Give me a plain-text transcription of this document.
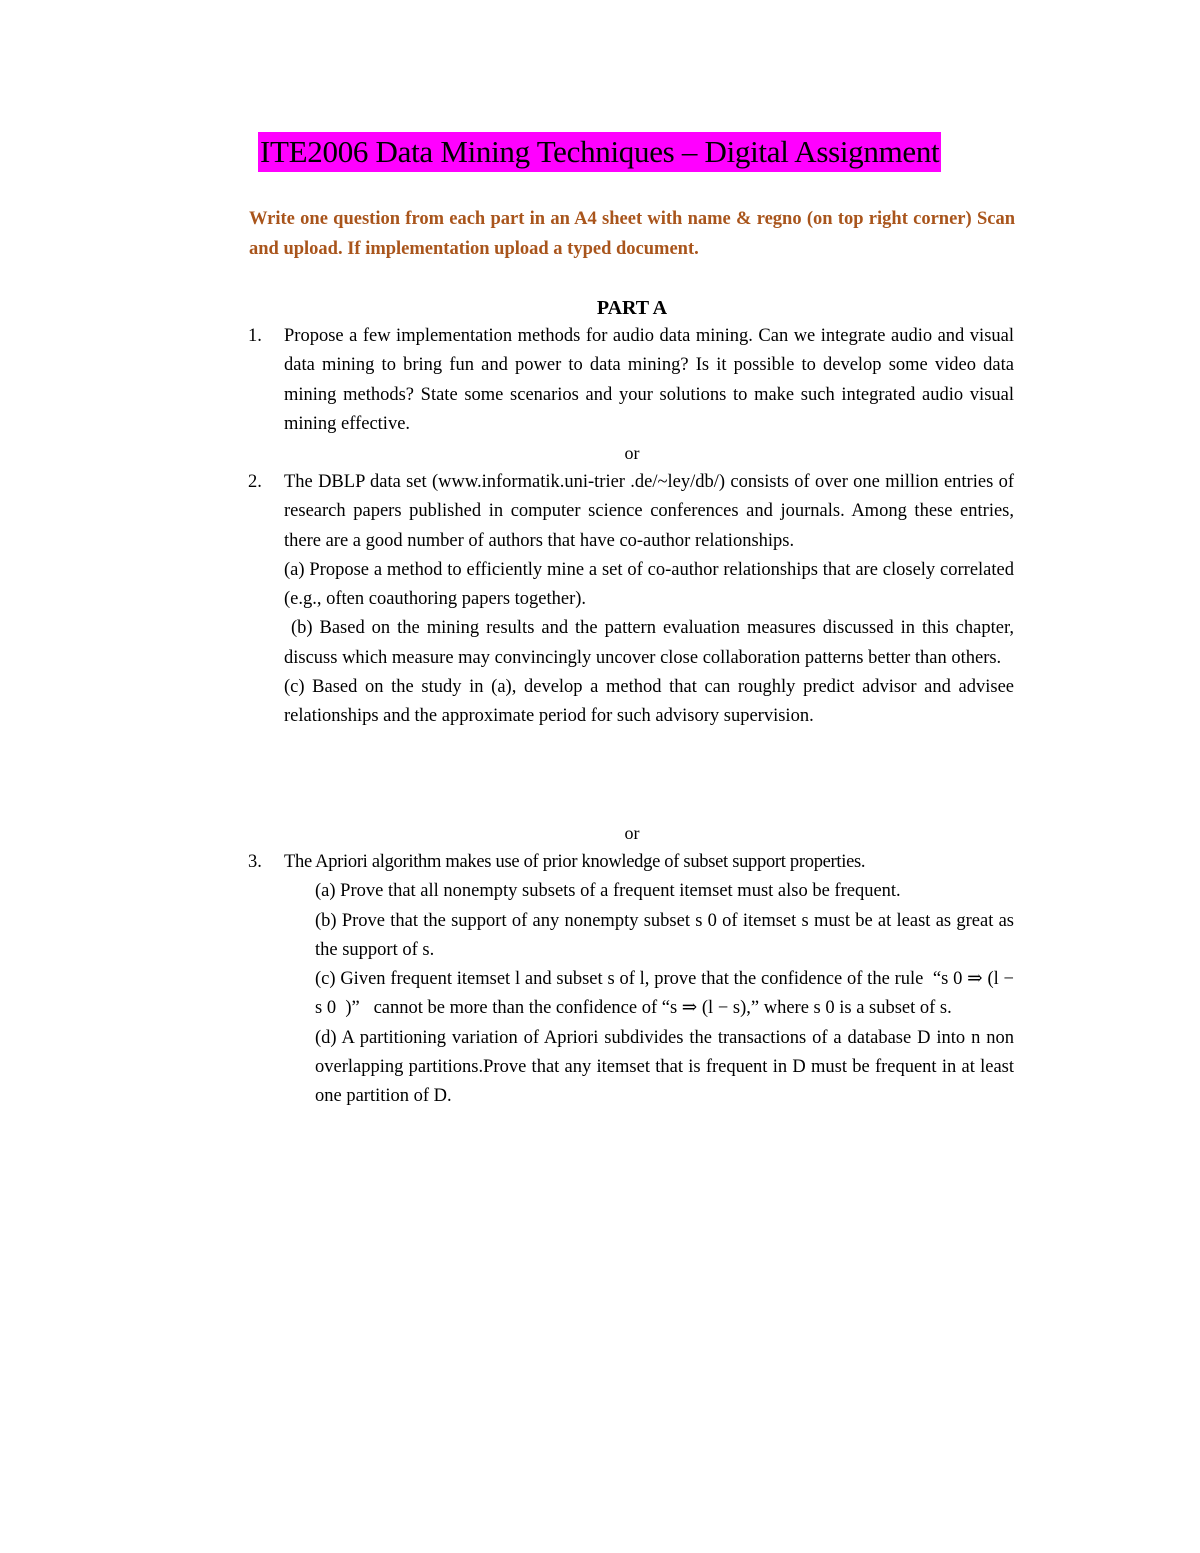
ITE2006 Data Mining Techniques – Digital Assignment
Write one question from each part in an A4 sheet with name & regno (on top right corner) Scan and upload. If implementation upload a typed document.
PART A
1. Propose a few implementation methods for audio data mining. Can we integrate audio and visual data mining to bring fun and power to data mining? Is it possible to develop some video data mining methods? State some scenarios and your solutions to make such integrated audio visual mining effective.
or
2. The DBLP data set (www.informatik.uni-trier .de/~ley/db/) consists of over one million entries of research papers published in computer science conferences and journals. Among these entries, there are a good number of authors that have co-author relationships.
(a) Propose a method to efficiently mine a set of co-author relationships that are closely correlated (e.g., often coauthoring papers together).
(b) Based on the mining results and the pattern evaluation measures discussed in this chapter, discuss which measure may convincingly uncover close collaboration patterns better than others.
(c) Based on the study in (a), develop a method that can roughly predict advisor and advisee relationships and the approximate period for such advisory supervision.
or
3. The Apriori algorithm makes use of prior knowledge of subset support properties.
(a) Prove that all nonempty subsets of a frequent itemset must also be frequent.
(b) Prove that the support of any nonempty subset s 0 of itemset s must be at least as great as the support of s.
(c) Given frequent itemset l and subset s of l, prove that the confidence of the rule  “s 0 ⇒ (l − s 0  )”   cannot be more than the confidence of “s ⇒ (l − s),” where s 0 is a subset of s.
(d) A partitioning variation of Apriori subdivides the transactions of a database D into n non overlapping partitions.Prove that any itemset that is frequent in D must be frequent in at least one partition of D.
